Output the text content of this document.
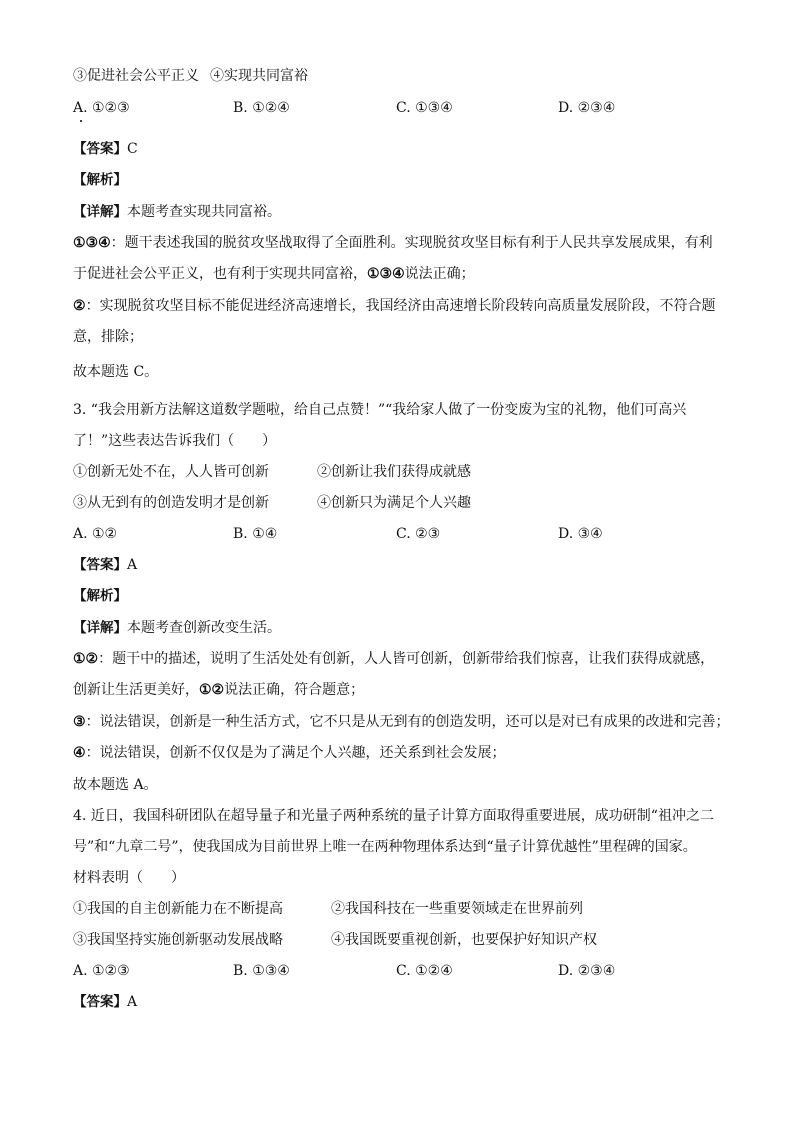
③促进社会公平正义 ④实现共同富裕
A. ①②③	B. ①②④	C. ①③④	D. ②③④
【答案】C
【解析】
【详解】本题考查实现共同富裕。
①③④：题干表述我国的脱贫攻坚战取得了全面胜利。实现脱贫攻坚目标有利于人民共享发展成果，有利
于促进社会公平正义，也有利于实现共同富裕，①③④说法正确；
②：实现脱贫攻坚目标不能促进经济高速增长，我国经济由高速增长阶段转向高质量发展阶段，不符合题
意，排除；
故本题选 C。
3. “我会用新方法解这道数学题啦，给自己点赞！”“我给家人做了一份变废为宝的礼物，他们可高兴
了！”这些表达告诉我们（　　）
①创新无处不在，人人皆可创新	②创新让我们获得成就感
③从无到有的创造发明才是创新	④创新只为满足个人兴趣
A. ①②	B. ①④	C. ②③	D. ③④
【答案】A
【解析】
【详解】本题考查创新改变生活。
①②：题干中的描述，说明了生活处处有创新，人人皆可创新，创新带给我们惊喜，让我们获得成就感，
创新让生活更美好，①②说法正确，符合题意；
③：说法错误，创新是一种生活方式，它不只是从无到有的创造发明，还可以是对已有成果的改进和完善；
④：说法错误，创新不仅仅是为了满足个人兴趣，还关系到社会发展；
故本题选 A。
4. 近日，我国科研团队在超导量子和光量子两种系统的量子计算方面取得重要进展，成功研制“祖冲之二
号”和“九章二号”，使我国成为目前世界上唯一在两种物理体系达到“量子计算优越性”里程碑的国家。
材料表明（　　）
①我国的自主创新能力在不断提高	②我国科技在一些重要领域走在世界前列
③我国坚持实施创新驱动发展战略	④我国既要重视创新，也要保护好知识产权
A. ①②③	B. ①③④	C. ①②④	D. ②③④
【答案】A
